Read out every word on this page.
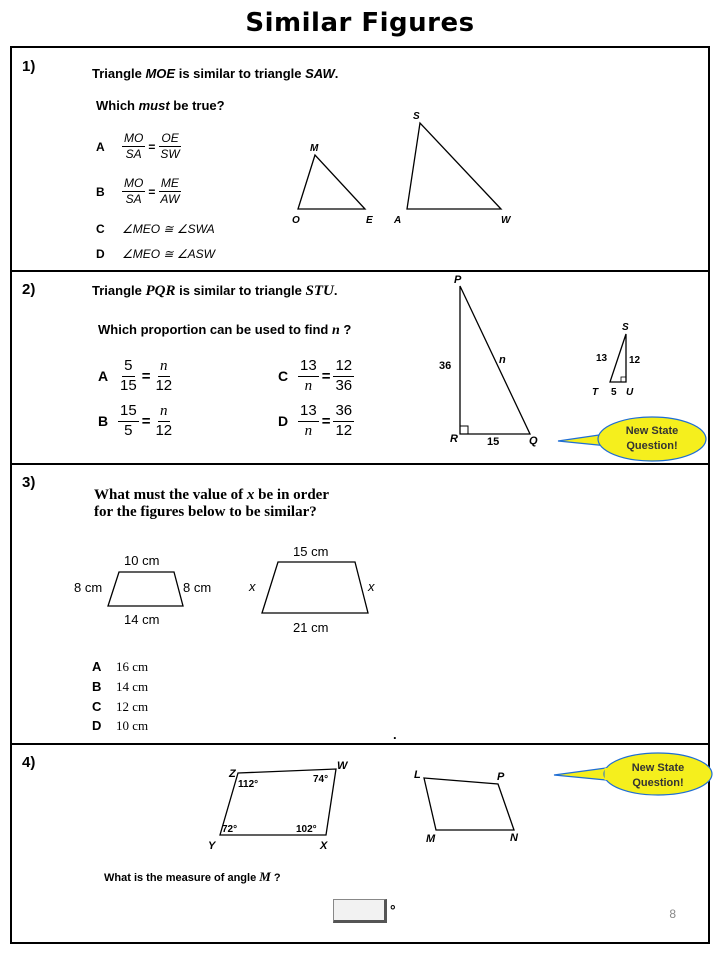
Similar Figures
1)	Triangle MOE is similar to triangle SAW.
Which must be true?
A	$\frac{MO}{SA} = \frac{OE}{SW}$
B	$\frac{MO}{SA} = \frac{ME}{AW}$
C	∠MEO ≅ ∠SWA
D	∠MEO ≅ ∠ASW
M
O	E
S
A	W
2)	Triangle PQR is similar to triangle STU.
Which proportion can be used to find n ?
A $\frac{5}{15} = \frac{n}{12}$
B $\frac{15}{5} = \frac{n}{12}$
C $\frac{13}{n} = \frac{12}{36}$
D $\frac{13}{n} = \frac{36}{12}$
P
R	Q
36
15
n
S
T	U
13 12
5
New State
Question!
3)
What must the value of x be in order
for the figures below to be similar?
10 cm
8 cm	8 cm
14 cm
15 cm
x	x
21 cm
A	16 cm
B	14 cm
C	12 cm
D	10 cm
.
4)
Z
W
Y	X
112°	74°
72°	102°
L	P
M	N
New State
Question!
What is the measure of angle M ?
°	8
